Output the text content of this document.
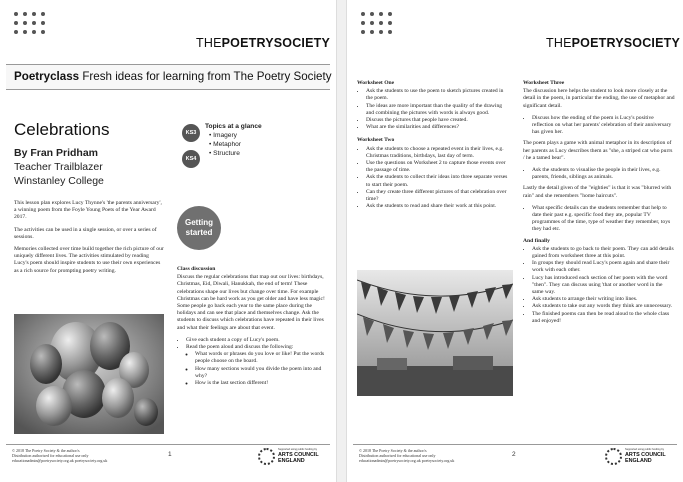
THEPOETRYSOCIETY
Poetryclass Fresh ideas for learning from The Poetry Society
Celebrations
By Fran Pridham
Teacher Trailblazer
Winstanley College
KS3
KS4
Topics at a glance
• Imagery
• Metaphor
• Structure

This lesson plan explores Lucy Thynne's 'the parents anniversary', a winning poem from the Foyle Young Poets of the Year Award 2017.

The activities can be used in a single session, or over a series of sessions.

Memories collected over time build together the rich picture of our uniquely different lives. The activities stimulated by reading Lucy's poem should inspire students to use their own experiences as a rich source for prompting poetry writing.

Getting started
Class discussion

Discuss the regular celebrations that map out our lives: birthdays, Christmas, Eid, Diwali, Hanukkah, the end of term! These celebrations shape our lives but change over time. For example Christmas can be hard work as you get older and have less magic! Some people go back each year to the same place during the holidays and can see that place and themselves change. Ask the students to discuss which celebrations have repeated in their lives and what their feelings are about that event.

• Give each student a copy of Lucy's poem.
• Read the poem aloud and discuss the following:
◦ What words or phrases do you love or like! Put the words people choose on the board.
◦ How many sections would you divide the poem into and why?
◦ How is the last section different!
© 2018 The Poetry Society & the author/s
Distribution authorised for educational use only
educationadmin@poetrysociety.org.uk poetrysociety.org.uk
1
Supported using public funding by
ARTS COUNCIL
ENGLAND
THEPOETRYSOCIETY
Worksheet One
• Ask the students to use the poem to sketch pictures created in the poem.
• The ideas are more important than the quality of the drawing and combining the pictures with words is always good.
• Discuss the pictures that people have created.
• What are the similarities and differences?
Worksheet Two
• Ask the students to choose a repeated event in their lives, e.g. Christmas traditions, birthdays, last day of term.
• Use the questions on Worksheet 2 to capture those events over the passage of time.
• Ask the students to collect their ideas into three separate verses to start their poem.
• Can they create three different pictures of that celebration over time?
• Ask the students to read and share their work at this point.
Worksheet Three

The discussion here helps the student to look more closely at the detail in the poem, in particular the ending, the use of metaphor and significant detail.

• Discuss how the ending of the poem is Lucy's positive reflection on what her parents' celebration of their anniversary has given her.

The poem plays a game with animal metaphor in its description of her parents as Lucy describes them as "she, a striped cat who purrs / he a tamed bear".

• Ask the students to visualise the people in their lives, e.g. parents, friends, siblings as animals.

Lastly the detail given of the "eighties" is that it was "blurred with rain" and she remembers "home haircuts".

• What specific details can the students remember that help to date their past e.g. specific food they ate, popular TV programmes of the time, type of weather they remember, toys they had etc.
And finally
• Ask the students to go back to their poem. They can add details gained from worksheet three at this point.
• In groups they should read Lucy's poem again and share their work with each other.
• Lucy has introduced each section of her poem with the word "then". They can discuss using 'that or another word in the same way.
• Ask students to arrange their writing into lines.
• Ask students to take out any words they think are unnecessary.
• The finished poems can then be read aloud to the whole class and enjoyed!
© 2018 The Poetry Society & the author/s
Distribution authorised for educational use only
educationadmin@poetrysociety.org.uk poetrysociety.org.uk
2
Supported using public funding by
ARTS COUNCIL
ENGLAND
